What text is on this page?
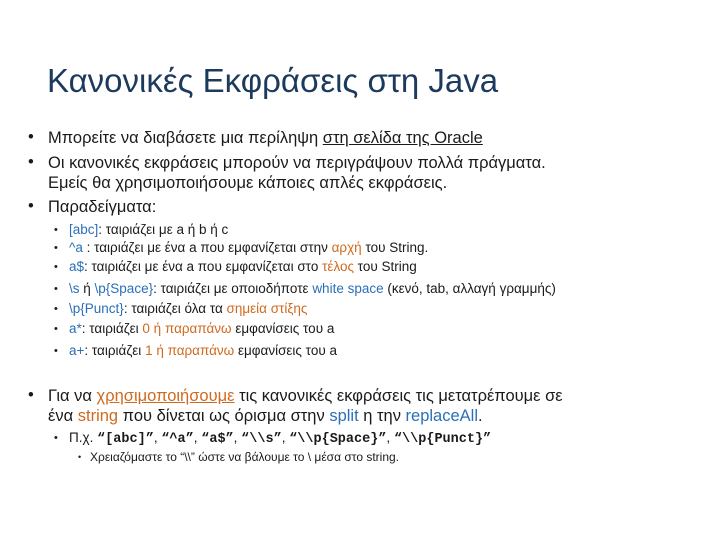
Κανονικές Εκφράσεις στη Java
• Μπορείτε να διαβάσετε μια περίληψη στη σελίδα της Oracle
• Οι κανονικές εκφράσεις μπορούν να περιγράψουν πολλά πράγματα.
Εμείς θα χρησιμοποιήσουμε κάποιες απλές εκφράσεις.
• Παραδείγματα:
• [abc]: ταιριάζει με a ή b ή c
• ^a : ταιριάζει με ένα a που εμφανίζεται στην αρχή του String.
• a$: ταιριάζει με ένα a που εμφανίζεται στο τέλος του String
• \s ή \p{Space}: ταιριάζει με οποιοδήποτε white space (κενό, tab, αλλαγή γραμμής)
• \p{Punct}: ταιριάζει όλα τα σημεία στίξης
• a*: ταιριάζει 0 ή παραπάνω εμφανίσεις του a
• a+: ταιριάζει 1 ή παραπάνω εμφανίσεις του a
• Για να χρησιμοποιήσουμε τις κανονικές εκφράσεις τις μετατρέπουμε σε
ένα string που δίνεται ως όρισμα στην split η την replaceAll.
• Π.χ. “[abc]”, “^a”, “a$”, “\\s”, “\\p{Space}”, “\\p{Punct}”
• Χρειαζόμαστε το “\\” ώστε να βάλουμε το \ μέσα στο string.
